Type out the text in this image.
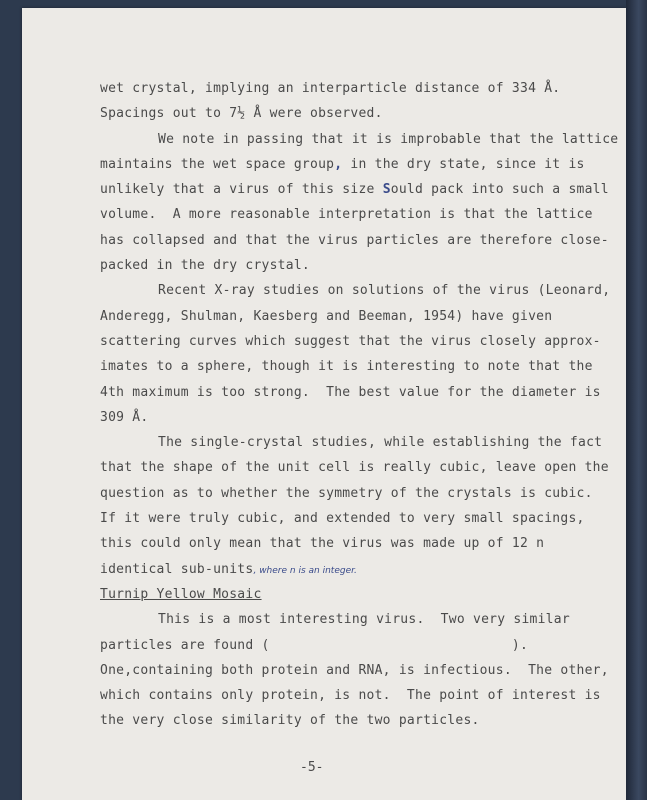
wet crystal, implying an interparticle distance of 334 Å.
Spacings out to 7½ Å were observed.
We note in passing that it is improbable that the lattice
maintains the wet space group, in the dry state, since it is
unlikely that a virus of this size Sould pack into such a small
volume.  A more reasonable interpretation is that the lattice
has collapsed and that the virus particles are therefore close-
packed in the dry crystal.
Recent X-ray studies on solutions of the virus (Leonard,
Anderegg, Shulman, Kaesberg and Beeman, 1954) have given
scattering curves which suggest that the virus closely approx-
imates to a sphere, though it is interesting to note that the
4th maximum is too strong.  The best value for the diameter is
309 Å.
The single-crystal studies, while establishing the fact
that the shape of the unit cell is really cubic, leave open the
question as to whether the symmetry of the crystals is cubic.
If it were truly cubic, and extended to very small spacings,
this could only mean that the virus was made up of 12 n
identical sub-units, where n is an integer.
Turnip Yellow Mosaic
This is a most interesting virus.  Two very similar
particles are found (                              ).
One,containing both protein and RNA, is infectious.  The other,
which contains only protein, is not.  The point of interest is
the very close similarity of the two particles.
-5-
